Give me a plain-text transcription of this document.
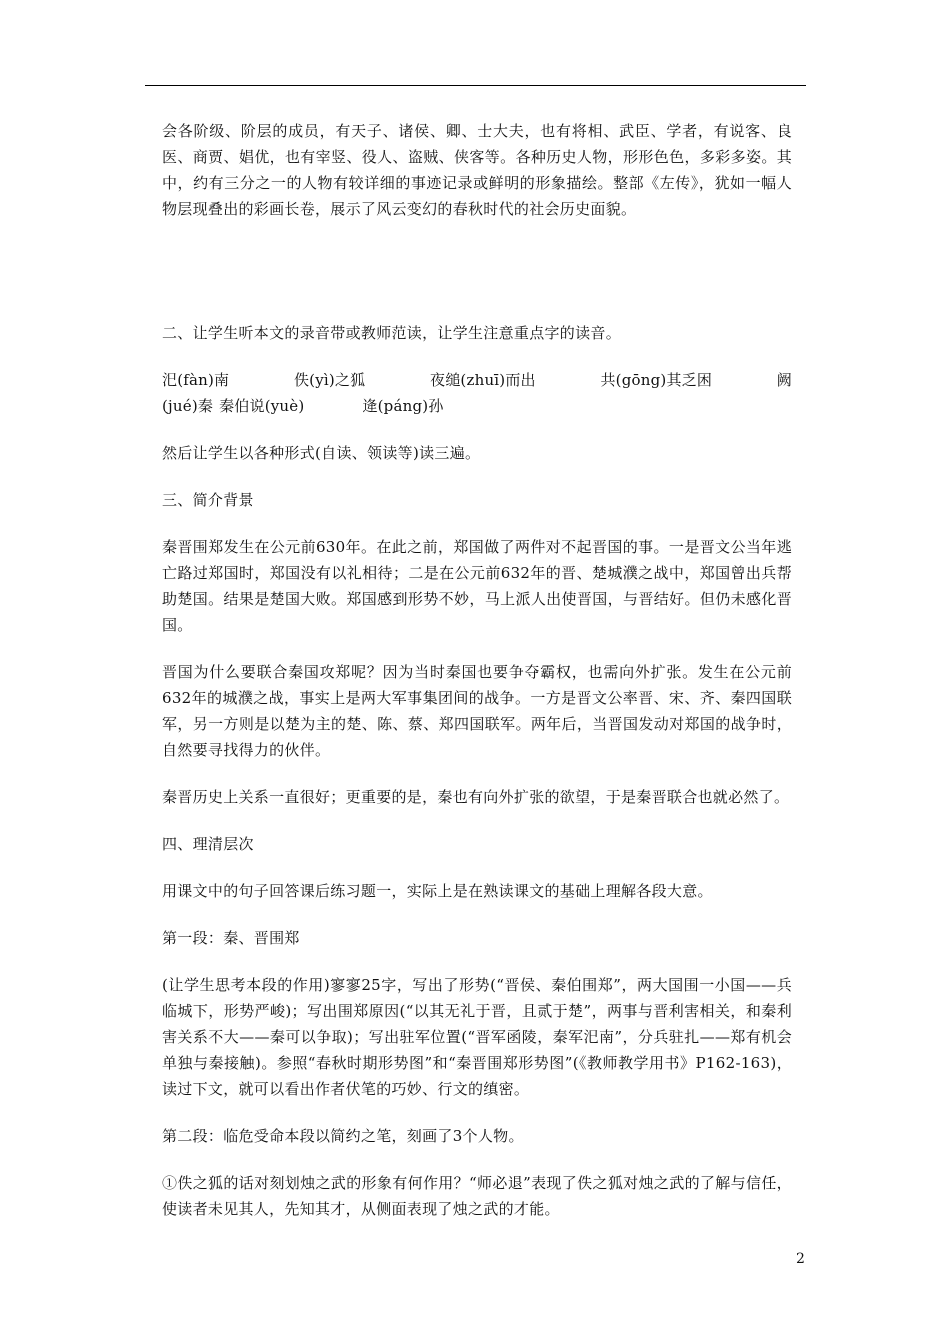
会各阶级、阶层的成员，有天子、诸侯、卿、士大夫，也有将相、武臣、学者，有说客、良医、商贾、娼优，也有宰竖、役人、盗贼、侠客等。各种历史人物，形形色色，多彩多姿。其中，约有三分之一的人物有较详细的事迹记录或鲜明的形象描绘。整部《左传》，犹如一幅人物层现叠出的彩画长卷，展示了风云变幻的春秋时代的社会历史面貌。

二、让学生听本文的录音带或教师范读，让学生注意重点字的读音。

汜(fàn)南	佚(yì)之狐	夜缒(zhuī)而出	共(gōng)其乏困	阙

(jué)秦 秦伯说(yuè)	逄(páng)孙

然后让学生以各种形式(自读、领读等)读三遍。

三、简介背景

秦晋围郑发生在公元前630年。在此之前，郑国做了两件对不起晋国的事。一是晋文公当年逃亡路过郑国时，郑国没有以礼相待；二是在公元前632年的晋、楚城濮之战中，郑国曾出兵帮助楚国。结果是楚国大败。郑国感到形势不妙，马上派人出使晋国，与晋结好。但仍未感化晋国。

晋国为什么要联合秦国攻郑呢？因为当时秦国也要争夺霸权，也需向外扩张。发生在公元前632年的城濮之战，事实上是两大军事集团间的战争。一方是晋文公率晋、宋、齐、秦四国联军，另一方则是以楚为主的楚、陈、蔡、郑四国联军。两年后，当晋国发动对郑国的战争时，自然要寻找得力的伙伴。

秦晋历史上关系一直很好；更重要的是，秦也有向外扩张的欲望，于是秦晋联合也就必然了。

四、理清层次

用课文中的句子回答课后练习题一，实际上是在熟读课文的基础上理解各段大意。

第一段：秦、晋围郑

(让学生思考本段的作用)寥寥25字，写出了形势(“晋侯、秦伯围郑”，两大国围一小国——兵临城下，形势严峻)；写出围郑原因(“以其无礼于晋，且贰于楚”，两事与晋利害相关，和秦利害关系不大——秦可以争取)；写出驻军位置(“晋军函陵，秦军汜南”，分兵驻扎——郑有机会单独与秦接触)。参照“春秋时期形势图”和“秦晋围郑形势图”(《教师教学用书》P162-163)，读过下文，就可以看出作者伏笔的巧妙、行文的缜密。

第二段：临危受命本段以简约之笔，刻画了3个人物。

①佚之狐的话对刻划烛之武的形象有何作用？“师必退”表现了佚之狐对烛之武的了解与信任，使读者未见其人，先知其才，从侧面表现了烛之武的才能。

2
